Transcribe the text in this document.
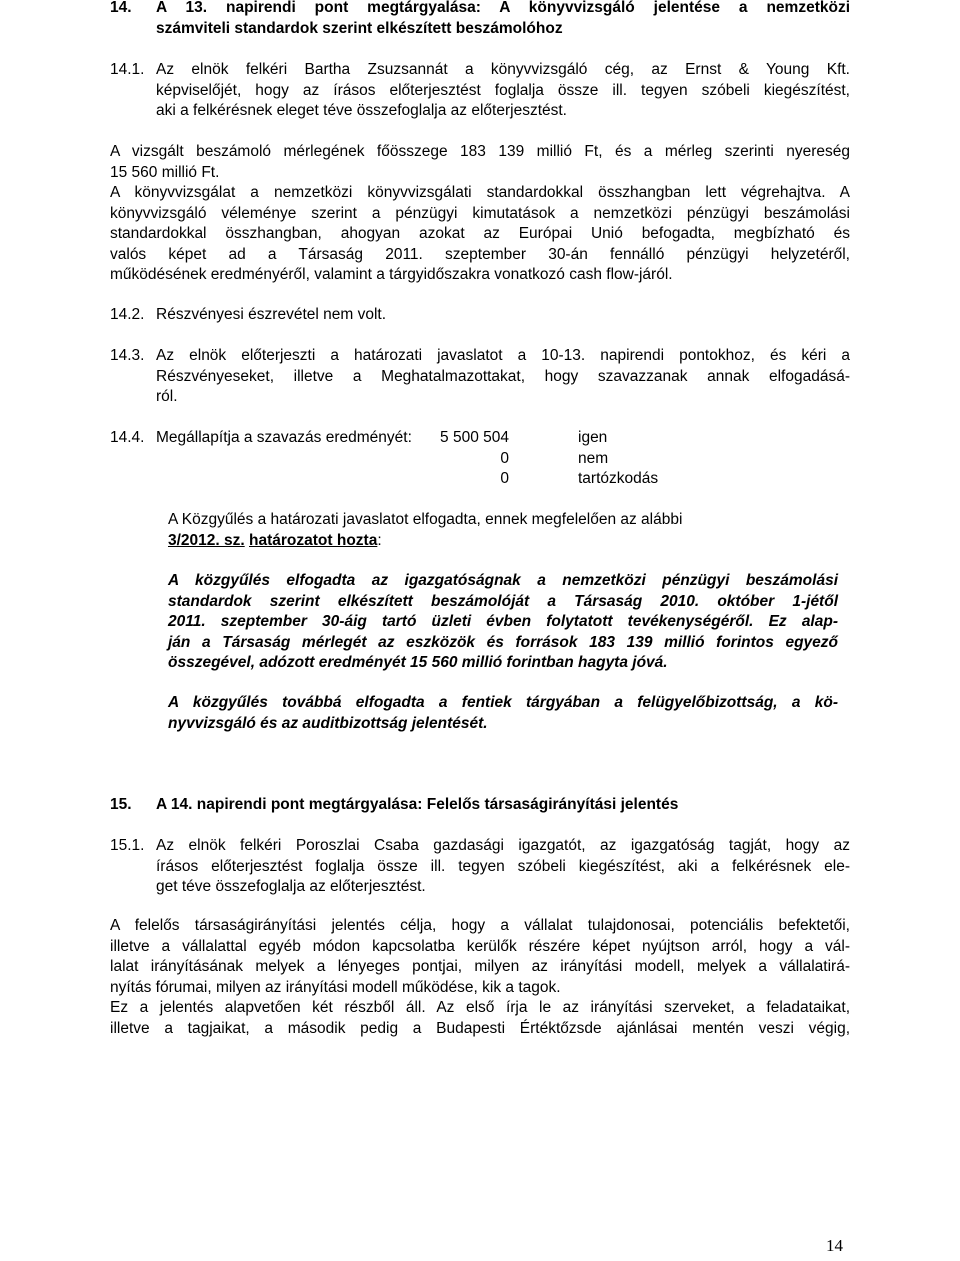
14. A 13. napirendi pont megtárgyalása: A könyvvizsgáló jelentése a nemzetközi
számviteli standardok szerint elkészített beszámolóhoz
14.1. Az elnök felkéri Bartha Zsuzsannát a könyvvizsgáló cég, az Ernst & Young Kft.
képviselőjét, hogy az írásos előterjesztést foglalja össze ill. tegyen szóbeli kiegészítést,
aki a felkérésnek eleget téve összefoglalja az előterjesztést.
A vizsgált beszámoló mérlegének főösszege 183 139 millió Ft, és a mérleg szerinti nyereség
15 560 millió Ft.
A könyvvizsgálat a nemzetközi könyvvizsgálati standardokkal összhangban lett végrehajtva. A
könyvvizsgáló véleménye szerint a pénzügyi kimutatások a nemzetközi pénzügyi beszámolási
standardokkal összhangban, ahogyan azokat az Európai Unió befogadta, megbízható és
valós képet ad a Társaság 2011. szeptember 30-án fennálló pénzügyi helyzetéről,
működésének eredményéről, valamint a tárgyidőszakra vonatkozó cash flow-járól.
14.2. Részvényesi észrevétel nem volt.
14.3. Az elnök előterjeszti a határozati javaslatot a 10-13. napirendi pontokhoz, és kéri a
Részvényeseket, illetve a Meghatalmazottakat, hogy szavazzanak annak elfogadásá-
ról.
14.4. Megállapítja a szavazás eredményét: 5 500 504	igen
0	nem
0	tartózkodás
A Közgyűlés a határozati javaslatot elfogadta, ennek megfelelően az alábbi
3/2012. sz. határozatot hozta:
A közgyűlés elfogadta az igazgatóságnak a nemzetközi pénzügyi beszámolási
standardok szerint elkészített beszámolóját a Társaság 2010. október 1-jétől
2011. szeptember 30-áig tartó üzleti évben folytatott tevékenységéről. Ez alap-
ján a Társaság mérlegét az eszközök és források 183 139 millió forintos egyező
összegével, adózott eredményét 15 560 millió forintban hagyta jóvá.
A közgyűlés továbbá elfogadta a fentiek tárgyában a felügyelőbizottság, a kö-
nyvvizsgáló és az auditbizottság jelentését.
15. A 14. napirendi pont megtárgyalása: Felelős társaságirányítási jelentés
15.1. Az elnök felkéri Poroszlai Csaba gazdasági igazgatót, az igazgatóság tagját, hogy az
írásos előterjesztést foglalja össze ill. tegyen szóbeli kiegészítést, aki a felkérésnek ele-
get téve összefoglalja az előterjesztést.
A felelős társaságirányítási jelentés célja, hogy a vállalat tulajdonosai, potenciális befektetői,
illetve a vállalattal egyéb módon kapcsolatba kerülők részére képet nyújtson arról, hogy a vál-
lalat irányításának melyek a lényeges pontjai, milyen az irányítási modell, melyek a vállalatirá-
nyítás fórumai, milyen az irányítási modell működése, kik a tagok.
Ez a jelentés alapvetően két részből áll. Az első írja le az irányítási szerveket, a feladataikat,
illetve a tagjaikat, a második pedig a Budapesti Értéktőzsde ajánlásai mentén veszi végig,
14
